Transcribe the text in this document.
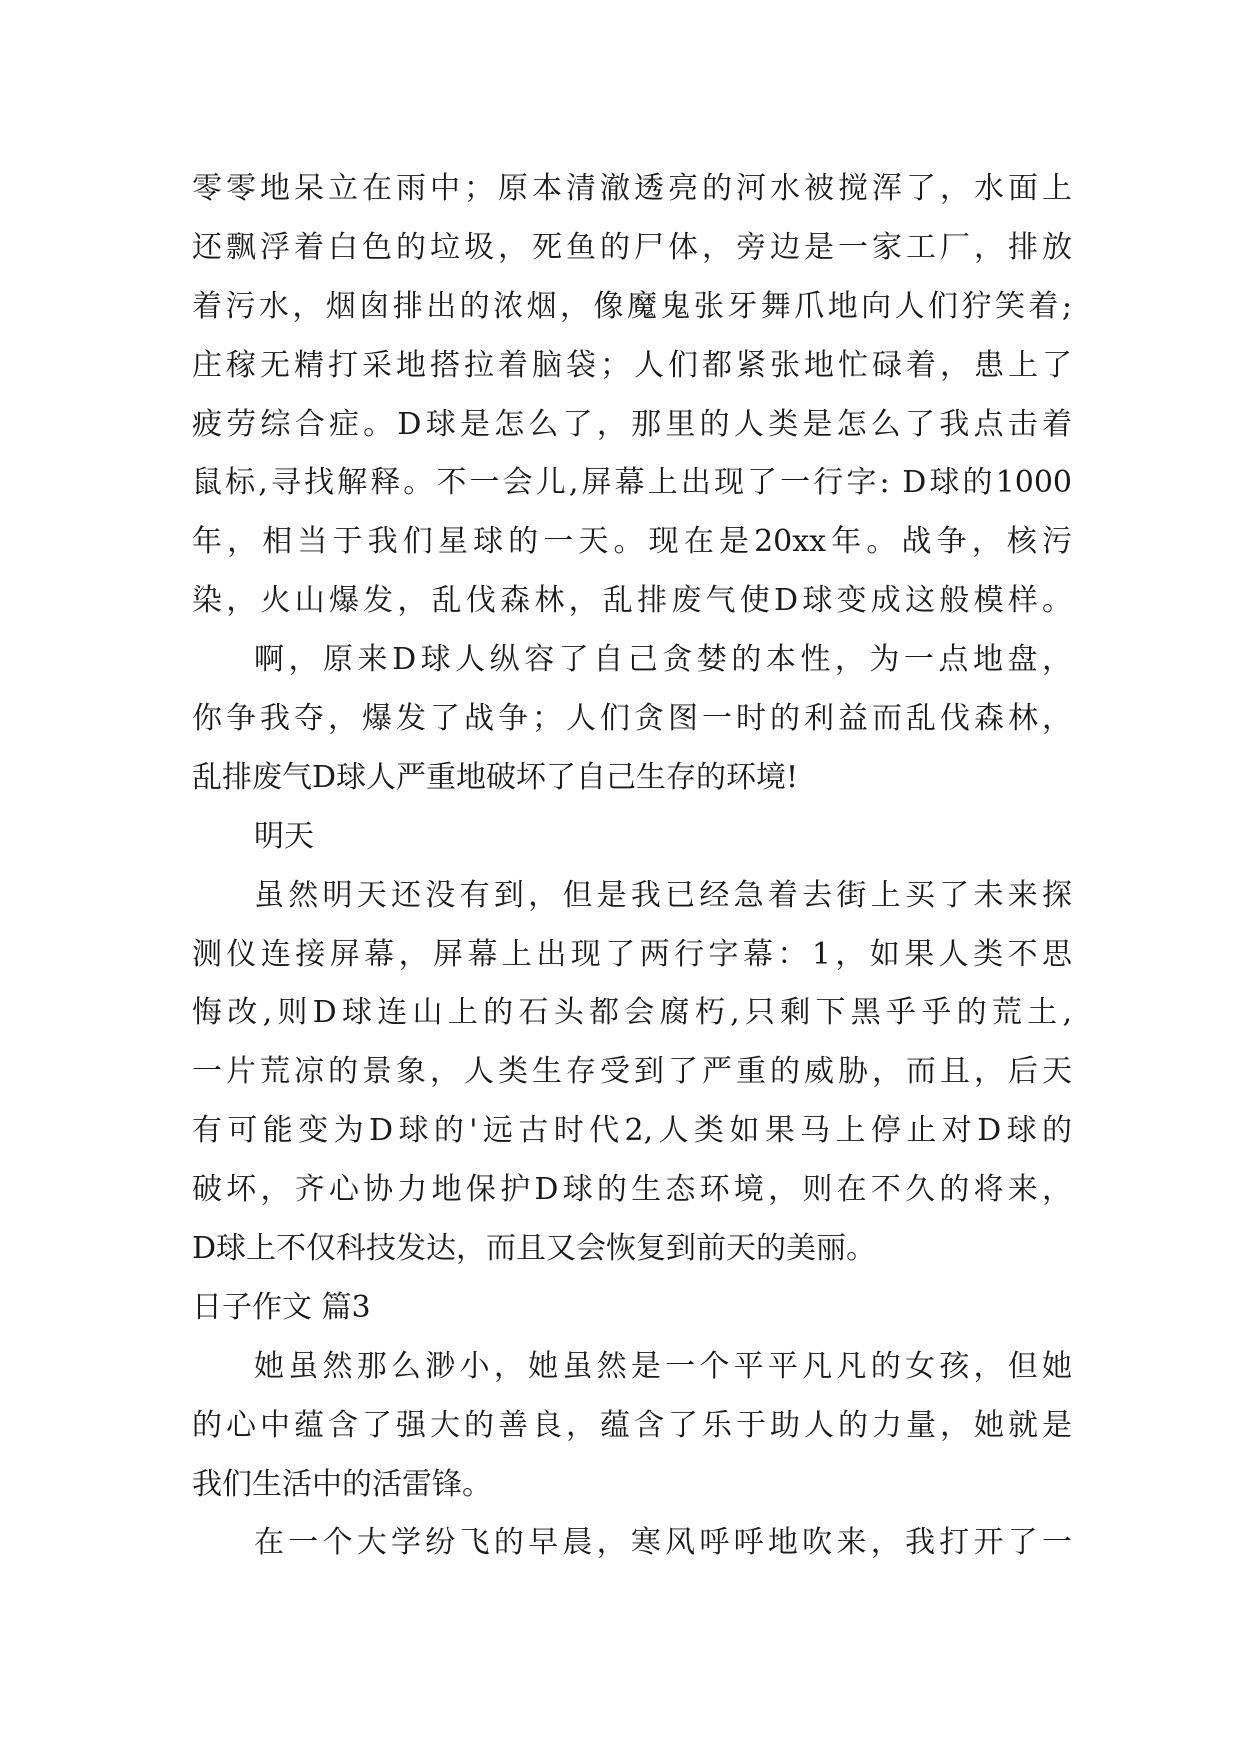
零零地呆立在雨中；原本清澈透亮的河水被搅浑了，水面上
还飘浮着白色的垃圾，死鱼的尸体，旁边是一家工厂，排放
着污水，烟囱排出的浓烟，像魔鬼张牙舞爪地向人们狞笑着;
庄稼无精打采地搭拉着脑袋；人们都紧张地忙碌着，患上了
疲劳综合症。D球是怎么了，那里的人类是怎么了我点击着
鼠标,寻找解释。不一会儿,屏幕上出现了一行字: D球的1000
年，相当于我们星球的一天。现在是20xx年。战争，核污
染，火山爆发，乱伐森林，乱排废气使D球变成这般模样。
啊，原来D球人纵容了自己贪婪的本性，为一点地盘，
你争我夺，爆发了战争；人们贪图一时的利益而乱伐森林，
乱排废气D球人严重地破坏了自己生存的环境!
明天
虽然明天还没有到，但是我已经急着去街上买了未来探
测仪连接屏幕，屏幕上出现了两行字幕：1，如果人类不思
悔改,则D球连山上的石头都会腐朽,只剩下黑乎乎的荒土,
一片荒凉的景象，人类生存受到了严重的威胁，而且，后天
有可能变为D球的'远古时代2,人类如果马上停止对D球的
破坏，齐心协力地保护D球的生态环境，则在不久的将来，
D球上不仅科技发达，而且又会恢复到前天的美丽。
日子作文 篇3
她虽然那么渺小，她虽然是一个平平凡凡的女孩，但她
的心中蕴含了强大的善良，蕴含了乐于助人的力量，她就是
我们生活中的活雷锋。
在一个大学纷飞的早晨，寒风呼呼地吹来，我打开了一
